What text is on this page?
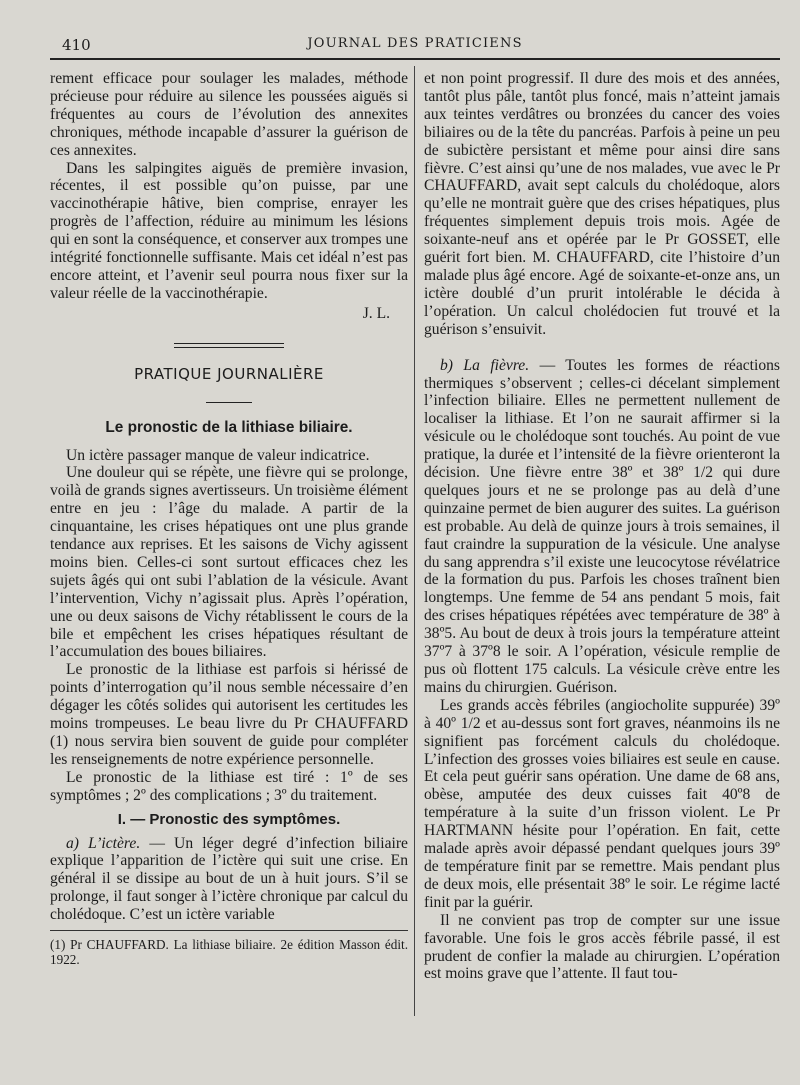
410	JOURNAL DES PRATICIENS

rement efficace pour soulager les malades, méthode précieuse pour réduire au silence les poussées aiguës si fréquentes au cours de l’évolution des annexites chroniques, méthode incapable d’assurer la guérison de ces annexites.

Dans les salpingites aiguës de première invasion, récentes, il est possible qu’on puisse, par une vaccinothérapie hâtive, bien comprise, enrayer les progrès de l’affection, réduire au minimum les lésions qui en sont la conséquence, et conserver aux trompes une intégrité fonctionnelle suffisante. Mais cet idéal n’est pas encore atteint, et l’avenir seul pourra nous fixer sur la valeur réelle de la vaccinothérapie.

J. L.

PRATIQUE JOURNALIÈRE

Le pronostic de la lithiase biliaire.

Un ictère passager manque de valeur indicatrice.

Une douleur qui se répète, une fièvre qui se prolonge, voilà de grands signes avertisseurs. Un troisième élément entre en jeu : l’âge du malade. A partir de la cinquantaine, les crises hépatiques ont une plus grande tendance aux reprises. Et les saisons de Vichy agissent moins bien. Celles-ci sont surtout efficaces chez les sujets âgés qui ont subi l’ablation de la vésicule. Avant l’intervention, Vichy n’agissait plus. Après l’opération, une ou deux saisons de Vichy rétablissent le cours de la bile et empêchent les crises hépatiques résultant de l’accumulation des boues biliaires.

Le pronostic de la lithiase est parfois si hérissé de points d’interrogation qu’il nous semble nécessaire d’en dégager les côtés solides qui autorisent les certitudes les moins trompeuses. Le beau livre du Pr CHAUFFARD (1) nous servira bien souvent de guide pour compléter les renseignements de notre expérience personnelle.

Le pronostic de la lithiase est tiré : 1º de ses symptômes ; 2º des complications ; 3º du traitement.

I. — Pronostic des symptômes.

a) L’ictère. — Un léger degré d’infection biliaire explique l’apparition de l’ictère qui suit une crise. En général il se dissipe au bout de un à huit jours. S’il se prolonge, il faut songer à l’ictère chronique par calcul du cholédoque. C’est un ictère variable

(1) Pr CHAUFFARD. La lithiase biliaire. 2e édition Masson édit. 1922.

et non point progressif. Il dure des mois et des années, tantôt plus pâle, tantôt plus foncé, mais n’atteint jamais aux teintes verdâtres ou bronzées du cancer des voies biliaires ou de la tête du pancréas. Parfois à peine un peu de subictère persistant et même pour ainsi dire sans fièvre. C’est ainsi qu’une de nos malades, vue avec le Pr CHAUFFARD, avait sept calculs du cholédoque, alors qu’elle ne montrait guère que des crises hépatiques, plus fréquentes simplement depuis trois mois. Agée de soixante-neuf ans et opérée par le Pr GOSSET, elle guérit fort bien. M. CHAUFFARD, cite l’histoire d’un malade plus âgé encore. Agé de soixante-et-onze ans, un ictère doublé d’un prurit intolérable le décida à l’opération. Un calcul cholédocien fut trouvé et la guérison s’ensuivit.

b) La fièvre. — Toutes les formes de réactions thermiques s’observent ; celles-ci décelant simplement l’infection biliaire. Elles ne permettent nullement de localiser la lithiase. Et l’on ne saurait affirmer si la vésicule ou le cholédoque sont touchés. Au point de vue pratique, la durée et l’intensité de la fièvre orienteront la décision. Une fièvre entre 38º et 38º 1/2 qui dure quelques jours et ne se prolonge pas au delà d’une quinzaine permet de bien augurer des suites. La guérison est probable. Au delà de quinze jours à trois semaines, il faut craindre la suppuration de la vésicule. Une analyse du sang apprendra s’il existe une leucocytose révélatrice de la formation du pus. Parfois les choses traînent bien longtemps. Une femme de 54 ans pendant 5 mois, fait des crises hépatiques répétées avec température de 38º à 38º5. Au bout de deux à trois jours la température atteint 37º7 à 37º8 le soir. A l’opération, vésicule remplie de pus où flottent 175 calculs. La vésicule crève entre les mains du chirurgien. Guérison.

Les grands accès fébriles (angiocholite suppurée) 39º à 40º 1/2 et au-dessus sont fort graves, néanmoins ils ne signifient pas forcément calculs du cholédoque. L’infection des grosses voies biliaires est seule en cause. Et cela peut guérir sans opération. Une dame de 68 ans, obèse, amputée des deux cuisses fait 40º8 de température à la suite d’un frisson violent. Le Pr HARTMANN hésite pour l’opération. En fait, cette malade après avoir dépassé pendant quelques jours 39º de température finit par se remettre. Mais pendant plus de deux mois, elle présentait 38º le soir. Le régime lacté finit par la guérir.

Il ne convient pas trop de compter sur une issue favorable. Une fois le gros accès fébrile passé, il est prudent de confier la malade au chirurgien. L’opération est moins grave que l’attente. Il faut tou-
